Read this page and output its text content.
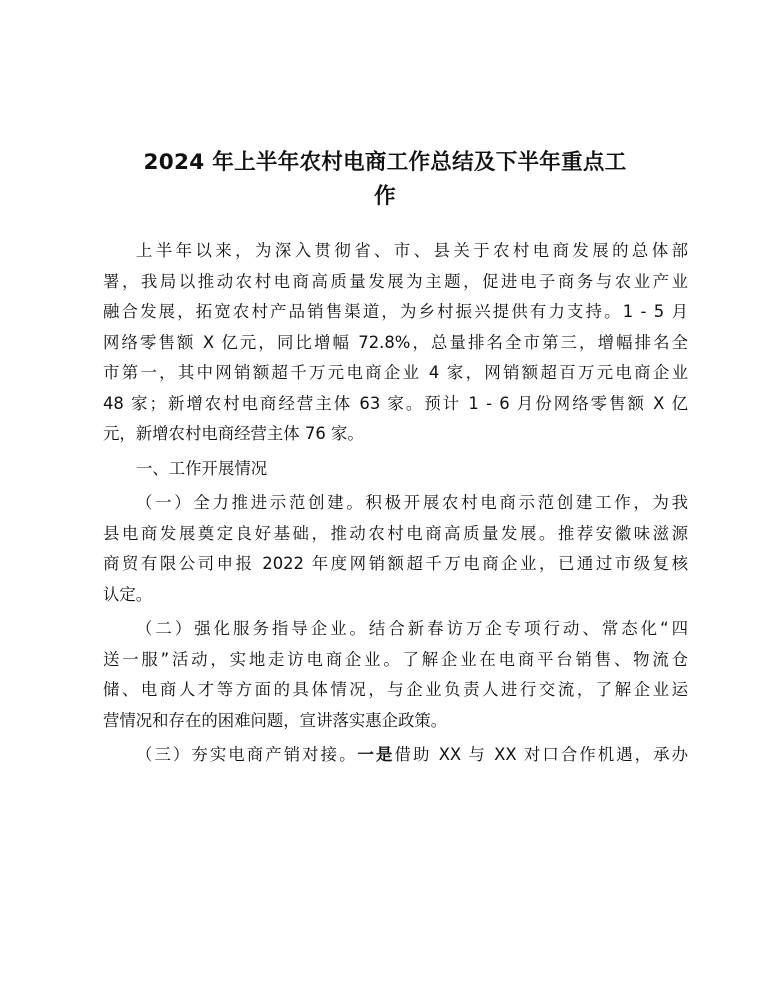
2024 年上半年农村电商工作总结及下半年重点工
作
上半年以来，为深入贯彻省、市、县关于农村电商发展的总体部
署，我局以推动农村电商高质量发展为主题，促进电子商务与农业产业
融合发展，拓宽农村产品销售渠道，为乡村振兴提供有力支持。1 - 5 月
网络零售额 X 亿元，同比增幅 72.8%，总量排名全市第三，增幅排名全
市第一，其中网销额超千万元电商企业 4 家，网销额超百万元电商企业
48 家；新增农村电商经营主体 63 家。预计 1 - 6 月份网络零售额 X 亿
元，新增农村电商经营主体 76 家。
一、工作开展情况
（一）全力推进示范创建。积极开展农村电商示范创建工作，为我
县电商发展奠定良好基础，推动农村电商高质量发展。推荐安徽味滋源
商贸有限公司申报 2022 年度网销额超千万电商企业，已通过市级复核
认定。
（二）强化服务指导企业。结合新春访万企专项行动、常态化“四
送一服”活动，实地走访电商企业。了解企业在电商平台销售、物流仓
储、电商人才等方面的具体情况，与企业负责人进行交流，了解企业运
营情况和存在的困难问题，宣讲落实惠企政策。
（三）夯实电商产销对接。一是借助 XX 与 XX 对口合作机遇，承办
